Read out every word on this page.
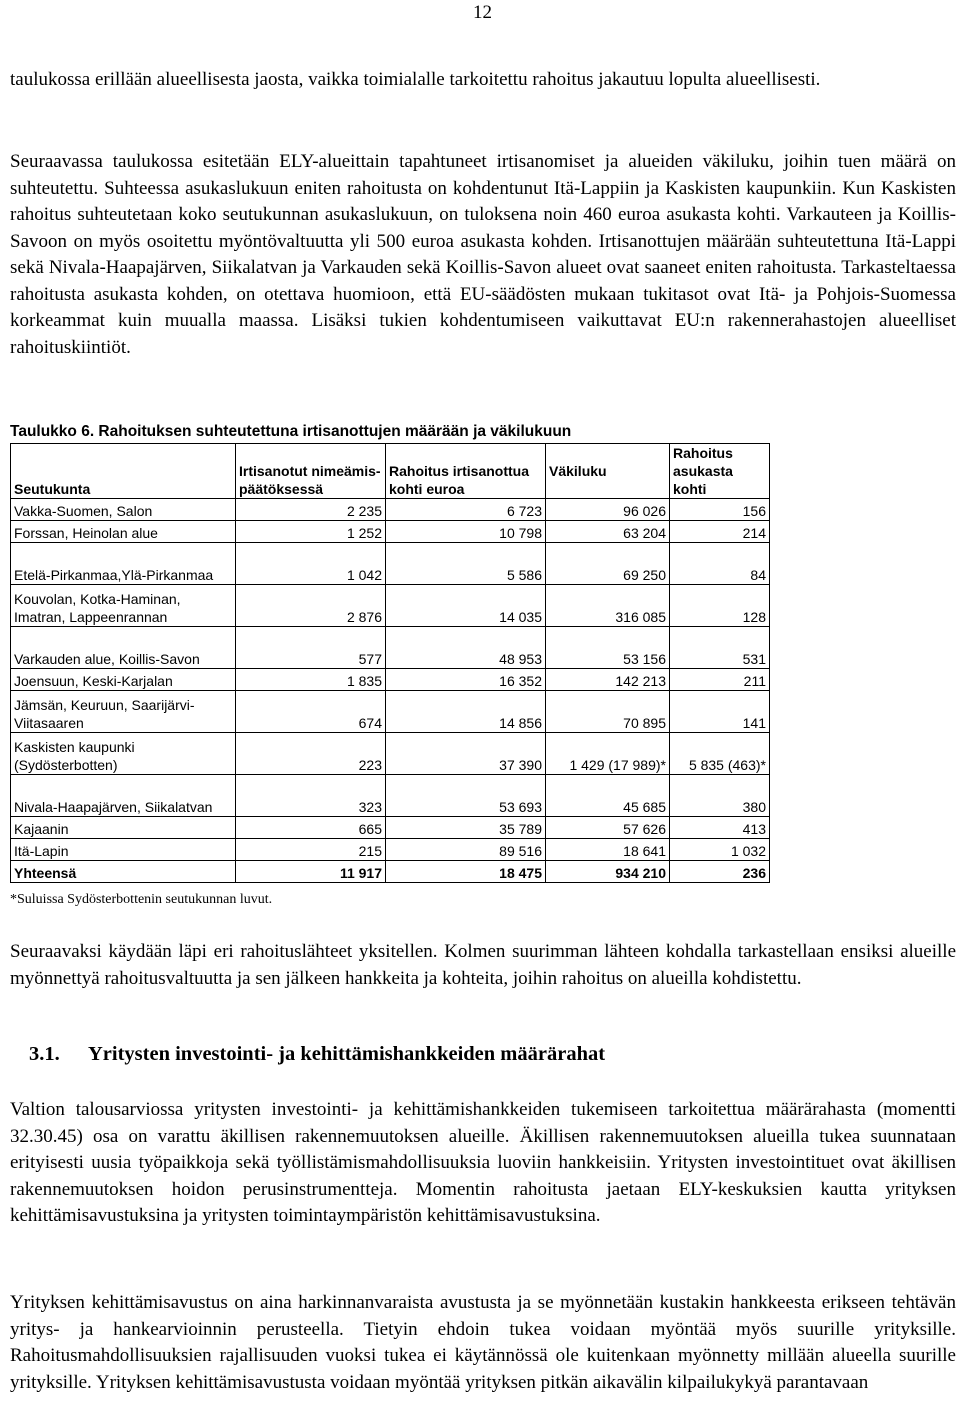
12

taulukossa erillään alueellisesta jaosta, vaikka toimialalle tarkoitettu rahoitus jakautuu lopulta alueellisesti.

Seuraavassa taulukossa esitetään ELY-alueittain tapahtuneet irtisanomiset ja alueiden väkiluku, joihin tuen määrä on suhteutettu. Suhteessa asukaslukuun eniten rahoitusta on kohdentunut Itä-Lappiin ja Kaskisten kaupunkiin. Kun Kaskisten rahoitus suhteutetaan koko seutukunnan asukaslukuun, on tuloksena noin 460 euroa asukasta kohti. Varkauteen ja Koillis-Savoon on myös osoitettu myöntövaltuutta yli 500 euroa asukasta kohden. Irtisanottujen määrään suhteutettuna Itä-Lappi sekä Nivala-Haapajärven, Siikalatvan ja Varkauden sekä Koillis-Savon alueet ovat saaneet eniten rahoitusta. Tarkasteltaessa rahoitusta asukasta kohden, on otettava huomioon, että EU-säädösten mukaan tukitasot ovat Itä- ja Pohjois-Suomessa korkeammat kuin muualla maassa. Lisäksi tukien kohdentumiseen vaikuttavat EU:n rakennerahastojen alueelliset rahoituskiintiöt.

Taulukko 6. Rahoituksen suhteutettuna irtisanottujen määrään ja väkilukuun
Seutukunta	Irtisanotut nimeämis-päätöksessä	Rahoitus irtisanottua kohti euroa	Väkiluku	Rahoitus asukasta kohti
Vakka-Suomen, Salon	2 235	6 723	96 026	156
Forssan, Heinolan alue	1 252	10 798	63 204	214
Etelä-Pirkanmaa,Ylä-Pirkanmaa	1 042	5 586	69 250	84
Kouvolan, Kotka-Haminan, Imatran, Lappeenrannan	2 876	14 035	316 085	128
Varkauden alue, Koillis-Savon	577	48 953	53 156	531
Joensuun, Keski-Karjalan	1 835	16 352	142 213	211
Jämsän, Keuruun, Saarijärvi-Viitasaaren	674	14 856	70 895	141
Kaskisten kaupunki (Sydösterbotten)	223	37 390	1 429 (17 989)*	5 835 (463)*
Nivala-Haapajärven, Siikalatvan	323	53 693	45 685	380
Kajaanin	665	35 789	57 626	413
Itä-Lapin	215	89 516	18 641	1 032
Yhteensä	11 917	18 475	934 210	236
*Suluissa Sydösterbottenin seutukunnan luvut.

Seuraavaksi käydään läpi eri rahoituslähteet yksitellen. Kolmen suurimman lähteen kohdalla tarkastellaan ensiksi alueille myönnettyä rahoitusvaltuutta ja sen jälkeen hankkeita ja kohteita, joihin rahoitus on alueilla kohdistettu.

3.1. Yritysten investointi- ja kehittämishankkeiden määrärahat

Valtion talousarviossa yritysten investointi- ja kehittämishankkeiden tukemiseen tarkoitettua määrärahasta (momentti 32.30.45) osa on varattu äkillisen rakennemuutoksen alueille. Äkillisen rakennemuutoksen alueilla tukea suunnataan erityisesti uusia työpaikkoja sekä työllistämismahdollisuuksia luoviin hankkeisiin. Yritysten investointituet ovat äkillisen rakennemuutoksen hoidon perusinstrumentteja. Momentin rahoitusta jaetaan ELY-keskuksien kautta yrityksen kehittämisavustuksina ja yritysten toimintaympäristön kehittämisavustuksina.

Yrityksen kehittämisavustus on aina harkinnanvaraista avustusta ja se myönnetään kustakin hankkeesta erikseen tehtävän yritys- ja hankearvioinnin perusteella. Tietyin ehdoin tukea voidaan myöntää myös suurille yrityksille. Rahoitusmahdollisuuksien rajallisuuden vuoksi tukea ei käytännössä ole kuitenkaan myönnetty millään alueella suurille yrityksille. Yrityksen kehittämisavustusta voidaan myöntää yrityksen pitkän aikavälin kilpailukykyä parantavaan
